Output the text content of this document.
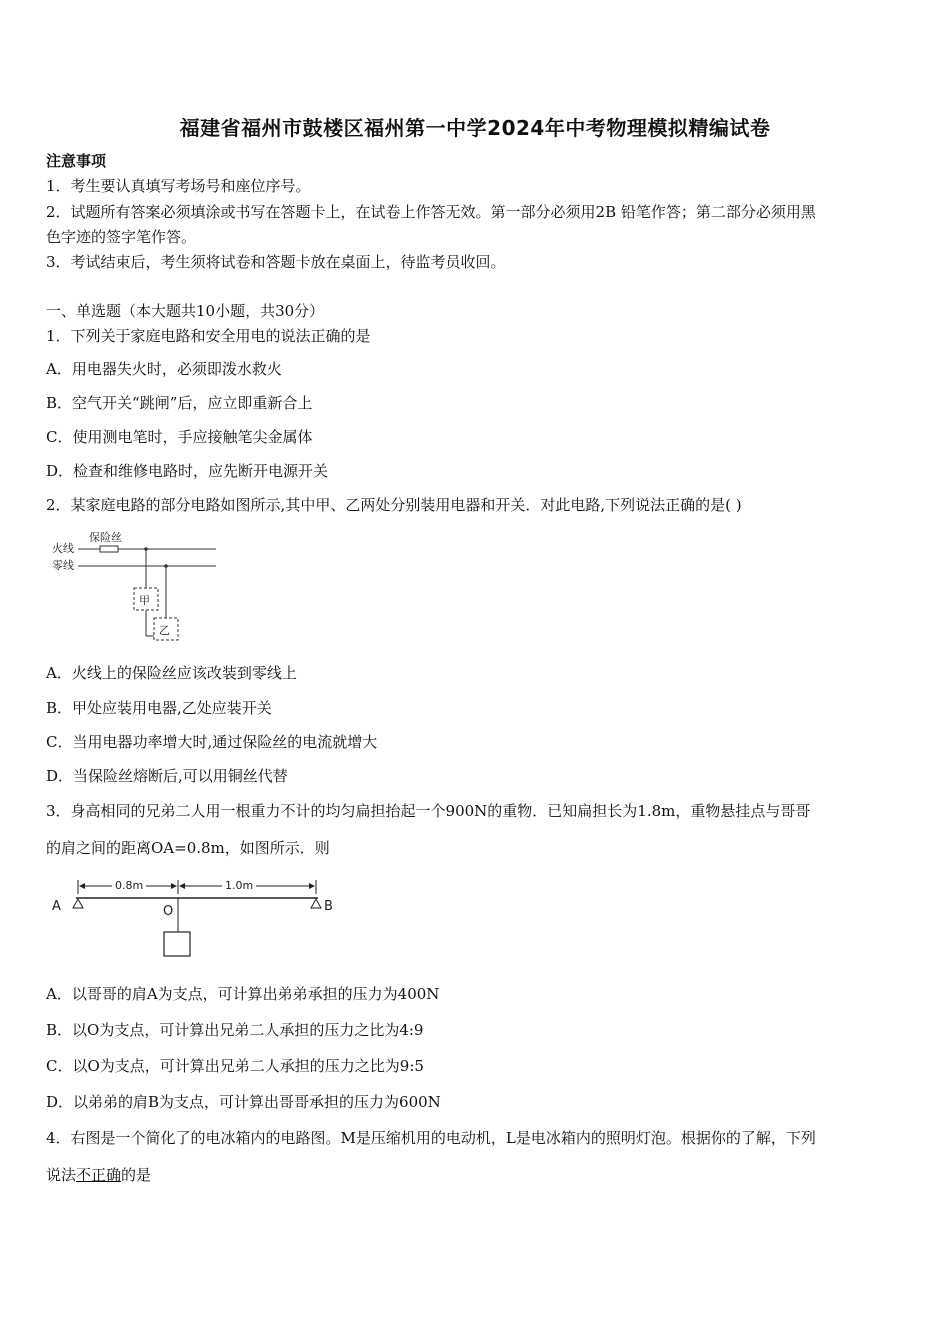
福建省福州市鼓楼区福州第一中学2024年中考物理模拟精编试卷
注意事项
1．考生要认真填写考场号和座位序号。
2．试题所有答案必须填涂或书写在答题卡上，在试卷上作答无效。第一部分必须用2B 铅笔作答；第二部分必须用黑
色字迹的签字笔作答。
3．考试结束后，考生须将试卷和答题卡放在桌面上，待监考员收回。
一、单选题（本大题共10小题，共30分）
1．下列关于家庭电路和安全用电的说法正确的是
A．用电器失火时，必须即泼水救火
B．空气开关“跳闸”后，应立即重新合上
C．使用测电笔时，手应接触笔尖金属体
D．检查和维修电路时，应先断开电源开关
2．某家庭电路的部分电路如图所示,其中甲、乙两处分别装用电器和开关．对此电路,下列说法正确的是( )
火线
零线
保险丝
甲
乙
A．火线上的保险丝应该改装到零线上
B．甲处应装用电器,乙处应装开关
C．当用电器功率增大时,通过保险丝的电流就增大
D．当保险丝熔断后,可以用铜丝代替
3．身高相同的兄弟二人用一根重力不计的均匀扁担抬起一个900N的重物．已知扁担长为1.8m，重物悬挂点与哥哥
的肩之间的距离OA=0.8m，如图所示．则
0.8m	1.0m
A	B
O
A．以哥哥的肩A为支点，可计算出弟弟承担的压力为400N
B．以O为支点，可计算出兄弟二人承担的压力之比为4:9
C．以O为支点，可计算出兄弟二人承担的压力之比为9:5
D．以弟弟的肩B为支点，可计算出哥哥承担的压力为600N
4．右图是一个简化了的电冰箱内的电路图。M是压缩机用的电动机，L是电冰箱内的照明灯泡。根据你的了解，下列
说法不正确的是
